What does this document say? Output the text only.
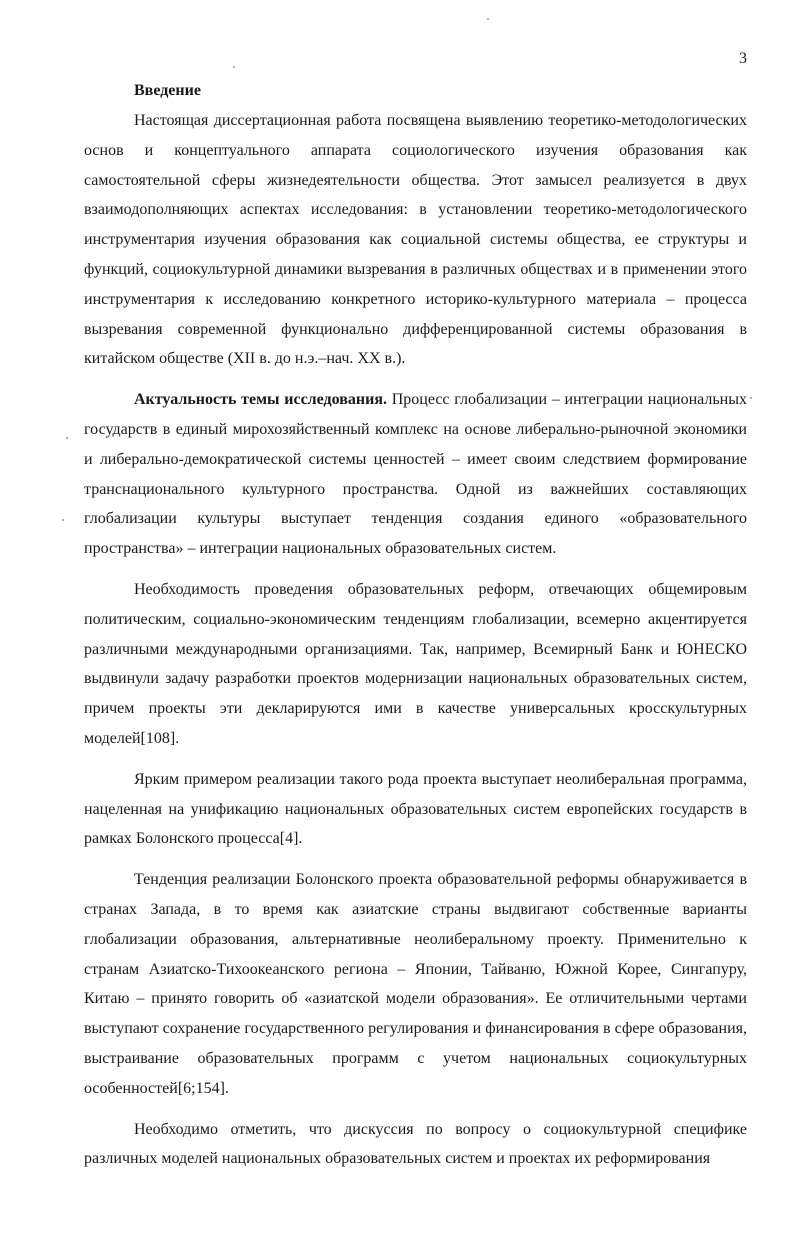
3

Введение

Настоящая диссертационная работа посвящена выявлению теоретико-методологических основ и концептуального аппарата социологического изучения образования как самостоятельной сферы жизнедеятельности общества. Этот замысел реализуется в двух взаимодополняющих аспектах исследования: в установлении теоретико-методологического инструментария изучения образования как социальной системы общества, ее структуры и функций, социокультурной динамики вызревания в различных обществах и в применении этого инструментария к исследованию конкретного историко-культурного материала – процесса вызревания современной функционально дифференцированной системы образования в китайском обществе (XII в. до н.э.–нач. XX в.).

Актуальность темы исследования. Процесс глобализации – интеграции национальных государств в единый мирохозяйственный комплекс на основе либерально-рыночной экономики и либерально-демократической системы ценностей – имеет своим следствием формирование транснационального культурного пространства. Одной из важнейших составляющих глобализации культуры выступает тенденция создания единого «образовательного пространства» – интеграции национальных образовательных систем.

Необходимость проведения образовательных реформ, отвечающих общемировым политическим, социально-экономическим тенденциям глобализации, всемерно акцентируется различными международными организациями. Так, например, Всемирный Банк и ЮНЕСКО выдвинули задачу разработки проектов модернизации национальных образовательных систем, причем проекты эти декларируются ими в качестве универсальных кросскультурных моделей[108].

Ярким примером реализации такого рода проекта выступает неолиберальная программа, нацеленная на унификацию национальных образовательных систем европейских государств в рамках Болонского процесса[4].

Тенденция реализации Болонского проекта образовательной реформы обнаруживается в странах Запада, в то время как азиатские страны выдвигают собственные варианты глобализации образования, альтернативные неолиберальному проекту. Применительно к странам Азиатско-Тихоокеанского региона – Японии, Тайваню, Южной Корее, Сингапуру, Китаю – принято говорить об «азиатской модели образования». Ее отличительными чертами выступают сохранение государственного регулирования и финансирования в сфере образования, выстраивание образовательных программ с учетом национальных социокультурных особенностей[6;154].

Необходимо отметить, что дискуссия по вопросу о социокультурной специфике различных моделей национальных образовательных систем и проектах их реформирования
